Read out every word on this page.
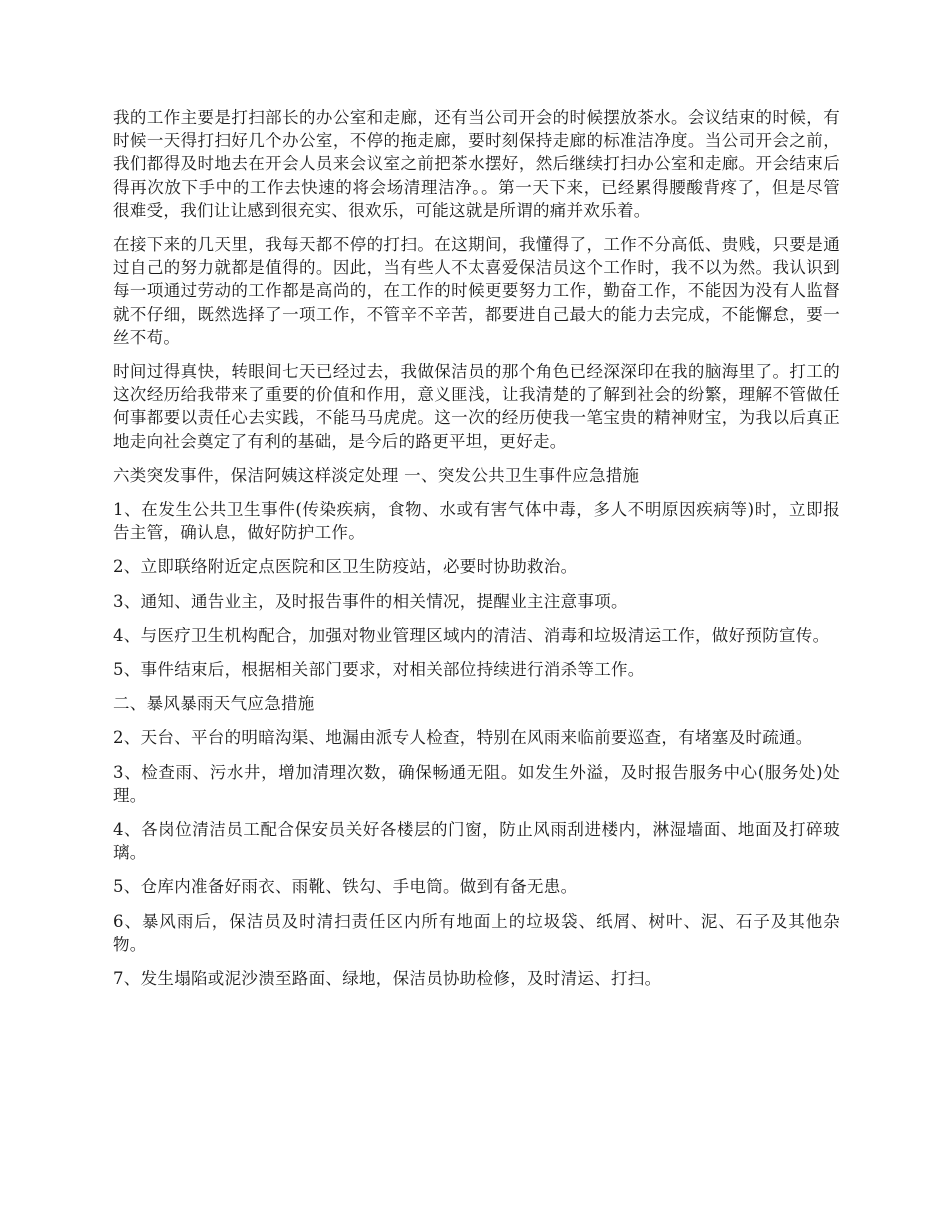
我的工作主要是打扫部长的办公室和走廊，还有当公司开会的时候摆放茶水。会议结束的时候，有时候一天得打扫好几个办公室，不停的拖走廊，要时刻保持走廊的标准洁净度。当公司开会之前，我们都得及时地去在开会人员来会议室之前把茶水摆好，然后继续打扫办公室和走廊。开会结束后得再次放下手中的工作去快速的将会场清理洁净。。第一天下来，已经累得腰酸背疼了，但是尽管很难受，我们让让感到很充实、很欢乐，可能这就是所谓的痛并欢乐着。

在接下来的几天里，我每天都不停的打扫。在这期间，我懂得了，工作不分高低、贵贱，只要是通过自己的努力就都是值得的。因此，当有些人不太喜爱保洁员这个工作时，我不以为然。我认识到每一项通过劳动的工作都是高尚的，在工作的时候更要努力工作，勤奋工作，不能因为没有人监督就不仔细，既然选择了一项工作，不管辛不辛苦，都要进自己最大的能力去完成，不能懈怠，要一丝不苟。

时间过得真快，转眼间七天已经过去，我做保洁员的那个角色已经深深印在我的脑海里了。打工的这次经历给我带来了重要的价值和作用，意义匪浅，让我清楚的了解到社会的纷繁，理解不管做任何事都要以责任心去实践，不能马马虎虎。这一次的经历使我一笔宝贵的精神财宝，为我以后真正地走向社会奠定了有利的基础，是今后的路更平坦，更好走。

六类突发事件，保洁阿姨这样淡定处理 一、突发公共卫生事件应急措施

1、在发生公共卫生事件(传染疾病，食物、水或有害气体中毒，多人不明原因疾病等)时，立即报告主管，确认息，做好防护工作。

2、立即联络附近定点医院和区卫生防疫站，必要时协助救治。

3、通知、通告业主，及时报告事件的相关情况，提醒业主注意事项。

4、与医疗卫生机构配合，加强对物业管理区域内的清洁、消毒和垃圾清运工作，做好预防宣传。

5、事件结束后，根据相关部门要求，对相关部位持续进行消杀等工作。

二、暴风暴雨天气应急措施

2、天台、平台的明暗沟渠、地漏由派专人检查，特别在风雨来临前要巡查，有堵塞及时疏通。

3、检查雨、污水井，增加清理次数，确保畅通无阻。如发生外溢，及时报告服务中心(服务处)处理。

4、各岗位清洁员工配合保安员关好各楼层的门窗，防止风雨刮进楼内，淋湿墙面、地面及打碎玻璃。

5、仓库内准备好雨衣、雨靴、铁勾、手电筒。做到有备无患。

6、暴风雨后，保洁员及时清扫责任区内所有地面上的垃圾袋、纸屑、树叶、泥、石子及其他杂物。

7、发生塌陷或泥沙溃至路面、绿地，保洁员协助检修，及时清运、打扫。
